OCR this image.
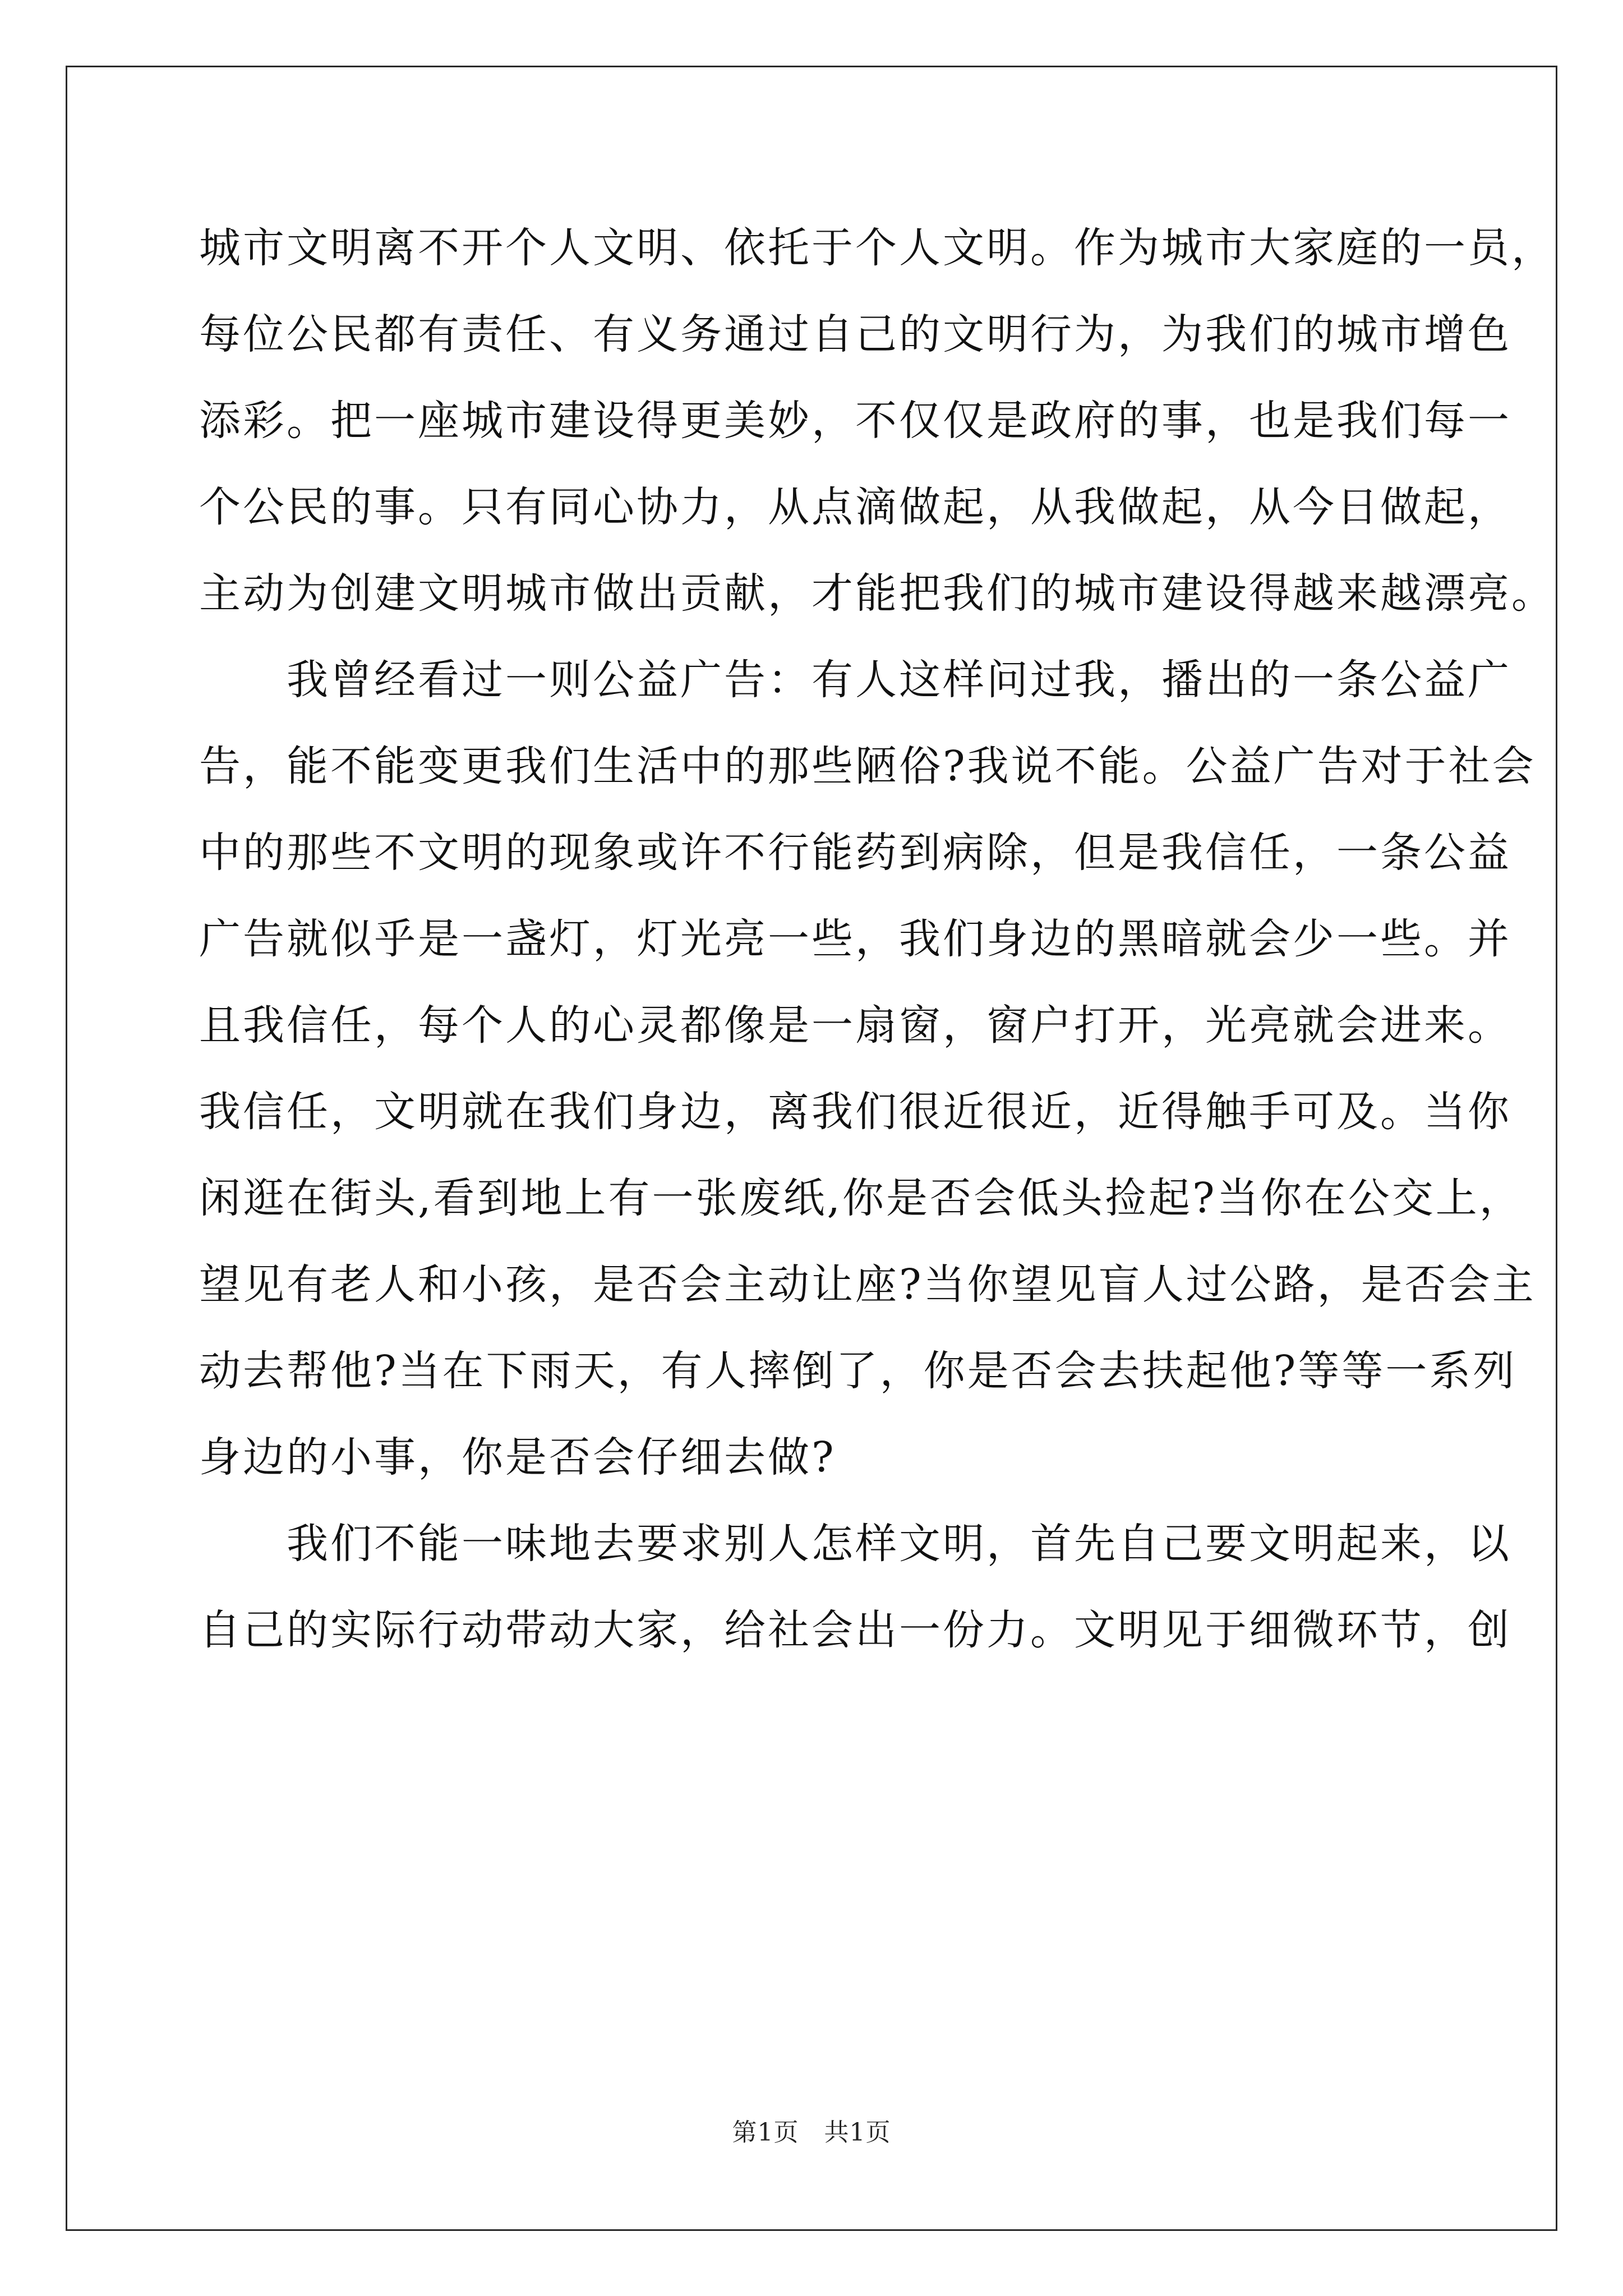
城市文明离不开个人文明、依托于个人文明。作为城市大家庭的一员，
每位公民都有责任、有义务通过自己的文明行为，为我们的城市增色
添彩。把一座城市建设得更美妙，不仅仅是政府的事，也是我们每一
个公民的事。只有同心协力，从点滴做起，从我做起，从今日做起，
主动为创建文明城市做出贡献，才能把我们的城市建设得越来越漂亮。
　　我曾经看过一则公益广告：有人这样问过我，播出的一条公益广
告，能不能变更我们生活中的那些陋俗?我说不能。公益广告对于社会
中的那些不文明的现象或许不行能药到病除，但是我信任，一条公益
广告就似乎是一盏灯，灯光亮一些，我们身边的黑暗就会少一些。并
且我信任，每个人的心灵都像是一扇窗，窗户打开，光亮就会进来。
我信任，文明就在我们身边，离我们很近很近，近得触手可及。当你
闲逛在街头,看到地上有一张废纸,你是否会低头捡起?当你在公交上，
望见有老人和小孩，是否会主动让座?当你望见盲人过公路，是否会主
动去帮他?当在下雨天，有人摔倒了，你是否会去扶起他?等等一系列
身边的小事，你是否会仔细去做?
　　我们不能一味地去要求别人怎样文明，首先自己要文明起来，以
自己的实际行动带动大家，给社会出一份力。文明见于细微环节，创
第1页　共1页
